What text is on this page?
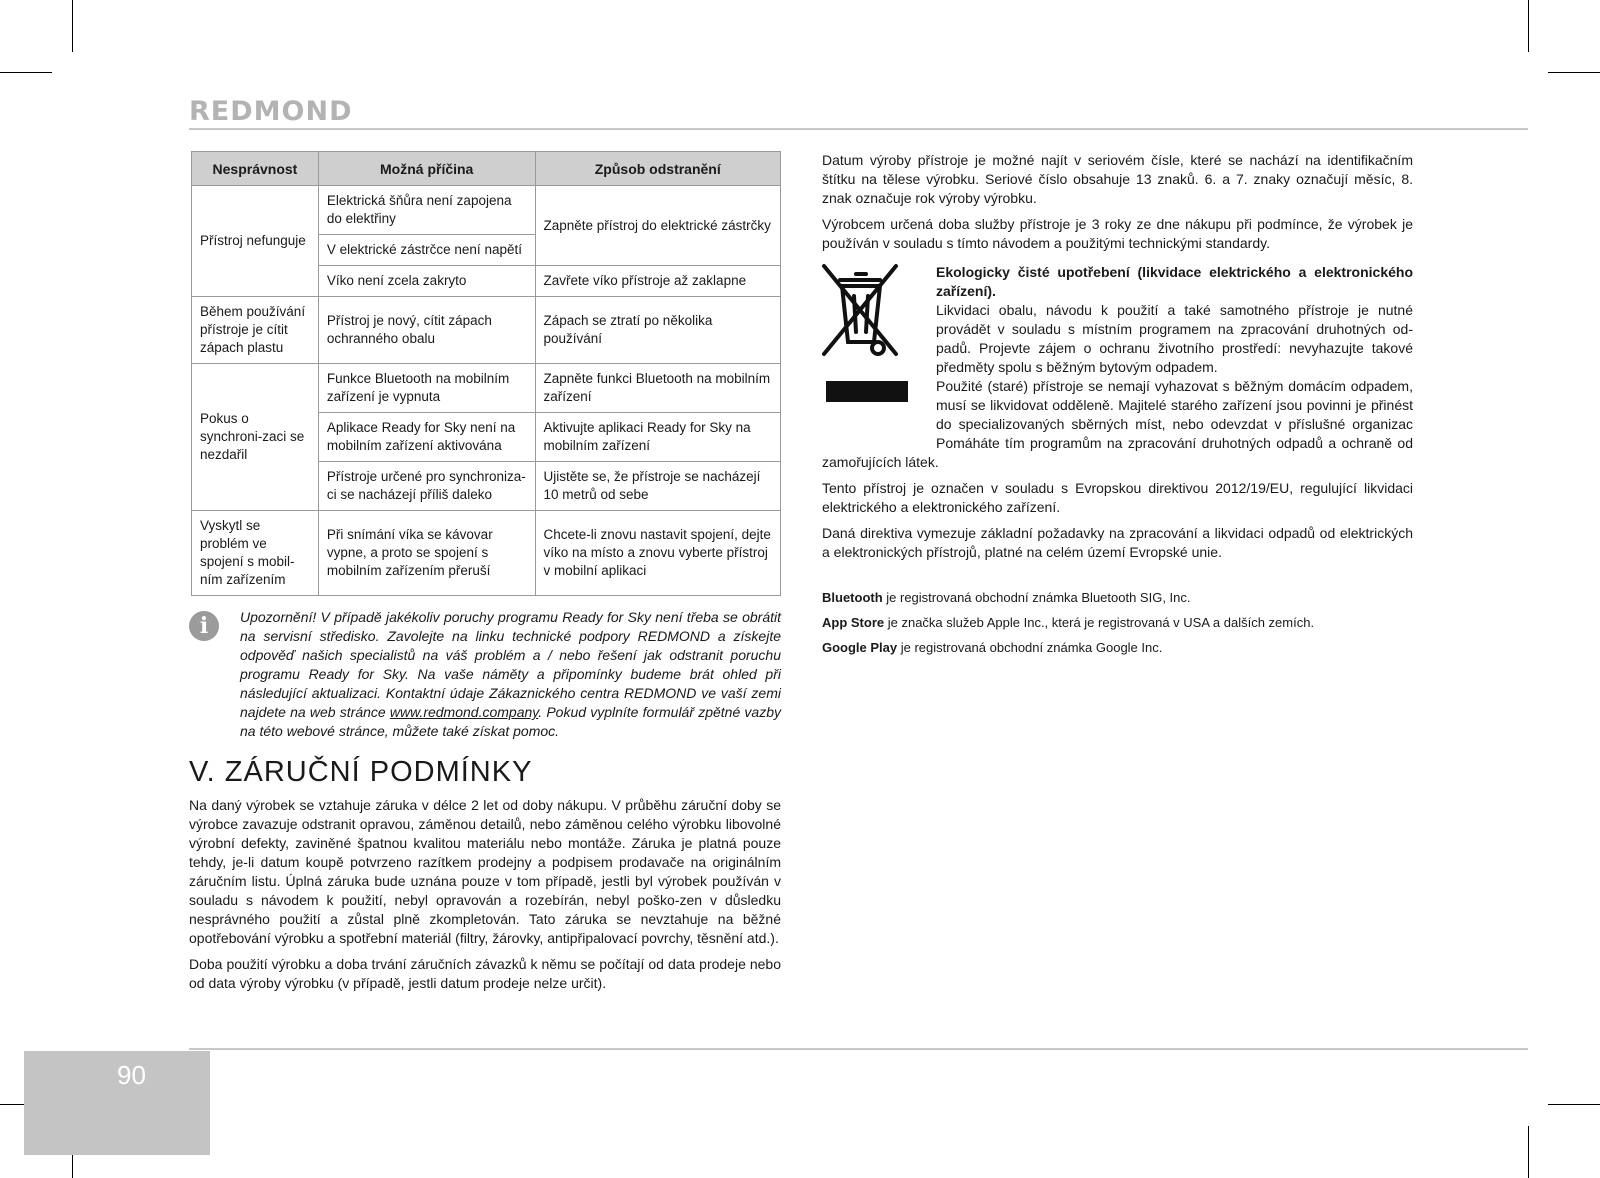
REDMOND
Nesprávnost	Možná příčina	Způsob odstranění
Přístroj nefunguje	Elektrická šňůra není zapojena do elektřiny	Zapněte přístroj do elektrické zástrčky
	V elektrické zástrčce není napětí	
	Víko není zcela zakryto	Zavřete víko přístroje až zaklapne
Během používání přístroje je cítit zápach plastu	Přístroj je nový, cítit zápach ochranného obalu	Zápach se ztratí po několika používání
Pokus o synchroni-zaci se nezdařil	Funkce Bluetooth na mobilním zařízení je vypnuta	Zapněte funkci Bluetooth na mobilním zařízení
	Aplikace Ready for Sky není na mobilním zařízení aktivována	Aktivujte aplikaci Ready for Sky na mobilním zařízení
	Přístroje určené pro synchroniza-ci se nacházejí příliš daleko	Ujistěte se, že přístroje se nacházejí 10 metrů od sebe
Vyskytl se problém ve spojení s mobil-ním zařízením	Při snímání víka se kávovar vypne, a proto se spojení s mobilním zařízením přeruší	Chcete-li znovu nastavit spojení, dejte víko na místo a znovu vyberte přístroj v mobilní aplikaci
i	Upozornění! V případě jakékoliv poruchy programu Ready for Sky není třeba se obrátit na servisní středisko. Zavolejte na linku technické podpory REDMOND a získejte odpověď našich specialistů na váš problém a / nebo řešení jak odstranit poruchu programu Ready for Sky. Na vaše náměty a připomínky budeme brát ohled při následující aktualizaci. Kontaktní údaje Zákaznického centra REDMOND ve vaší zemi najdete na web stránce www.redmond.company. Pokud vyplníte formulář zpětné vazby na této webové stránce, můžete také získat pomoc.
V. ZÁRUČNÍ PODMÍNKY

Na daný výrobek se vztahuje záruka v délce 2 let od doby nákupu. V průběhu záruční doby se výrobce zavazuje odstranit opravou, záměnou detailů, nebo záměnou celého výrobku libovolné výrobní defekty, zaviněné špatnou kvalitou materiálu nebo montáže. Záruka je platná pouze tehdy, je-li datum koupě potvrzeno razítkem prodejny a podpisem prodavače na originálním záručním listu. Úplná záruka bude uznána pouze v tom případě, jestli byl výrobek používán v souladu s návodem k použití, nebyl opravován a rozebírán, nebyl poško-zen v důsledku nesprávného použití a zůstal plně zkompletován. Tato záruka se nevztahuje na běžné opotřebování výrobku a spotřební materiál (filtry, žárovky, antipřipalovací povrchy, těsnění atd.).

Doba použití výrobku a doba trvání záručních závazků k němu se počítají od data prodeje nebo od data výroby výrobku (v případě, jestli datum prodeje nelze určit).

Datum výroby přístroje je možné najít v seriovém čísle, které se nachází na identifikačním štítku na tělese výrobku. Seriové číslo obsahuje 13 znaků. 6. a 7. znaky označují měsíc, 8. znak označuje rok výroby výrobku.

Výrobcem určená doba služby přístroje je 3 roky ze dne nákupu při podmínce, že výrobek je používán v souladu s tímto návodem a použitými technickými standardy.

Ekologicky čisté upotřebení (likvidace elektrického a elektronického zařízení).

Likvidaci obalu, návodu k použití a také samotného přístroje je nutné provádět v souladu s místním programem na zpracování druhotných od-padů. Projevte zájem o ochranu životního prostředí: nevyhazujte takové předměty spolu s běžným bytovým odpadem.

Použité (staré) přístroje se nemají vyhazovat s běžným domácím odpadem, musí se likvidovat odděleně. Majitelé starého zařízení jsou povinni je přinést do specializovaných sběrných míst, nebo odevzdat v příslušné organizac Pomáháte tím programům na zpracování druhotných odpadů a ochraně od zamořujících látek.

Tento přístroj je označen v souladu s Evropskou direktivou 2012/19/EU, regulující likvidaci elektrického a elektronického zařízení.

Daná direktiva vymezuje základní požadavky na zpracování a likvidaci odpadů od elektrických a elektronických přístrojů, platné na celém území Evropské unie.

Bluetooth je registrovaná obchodní známka Bluetooth SIG, Inc.

App Store je značka služeb Apple Inc., která je registrovaná v USA a dalších zemích.

Google Play je registrovaná obchodní známka Google Inc.

90
